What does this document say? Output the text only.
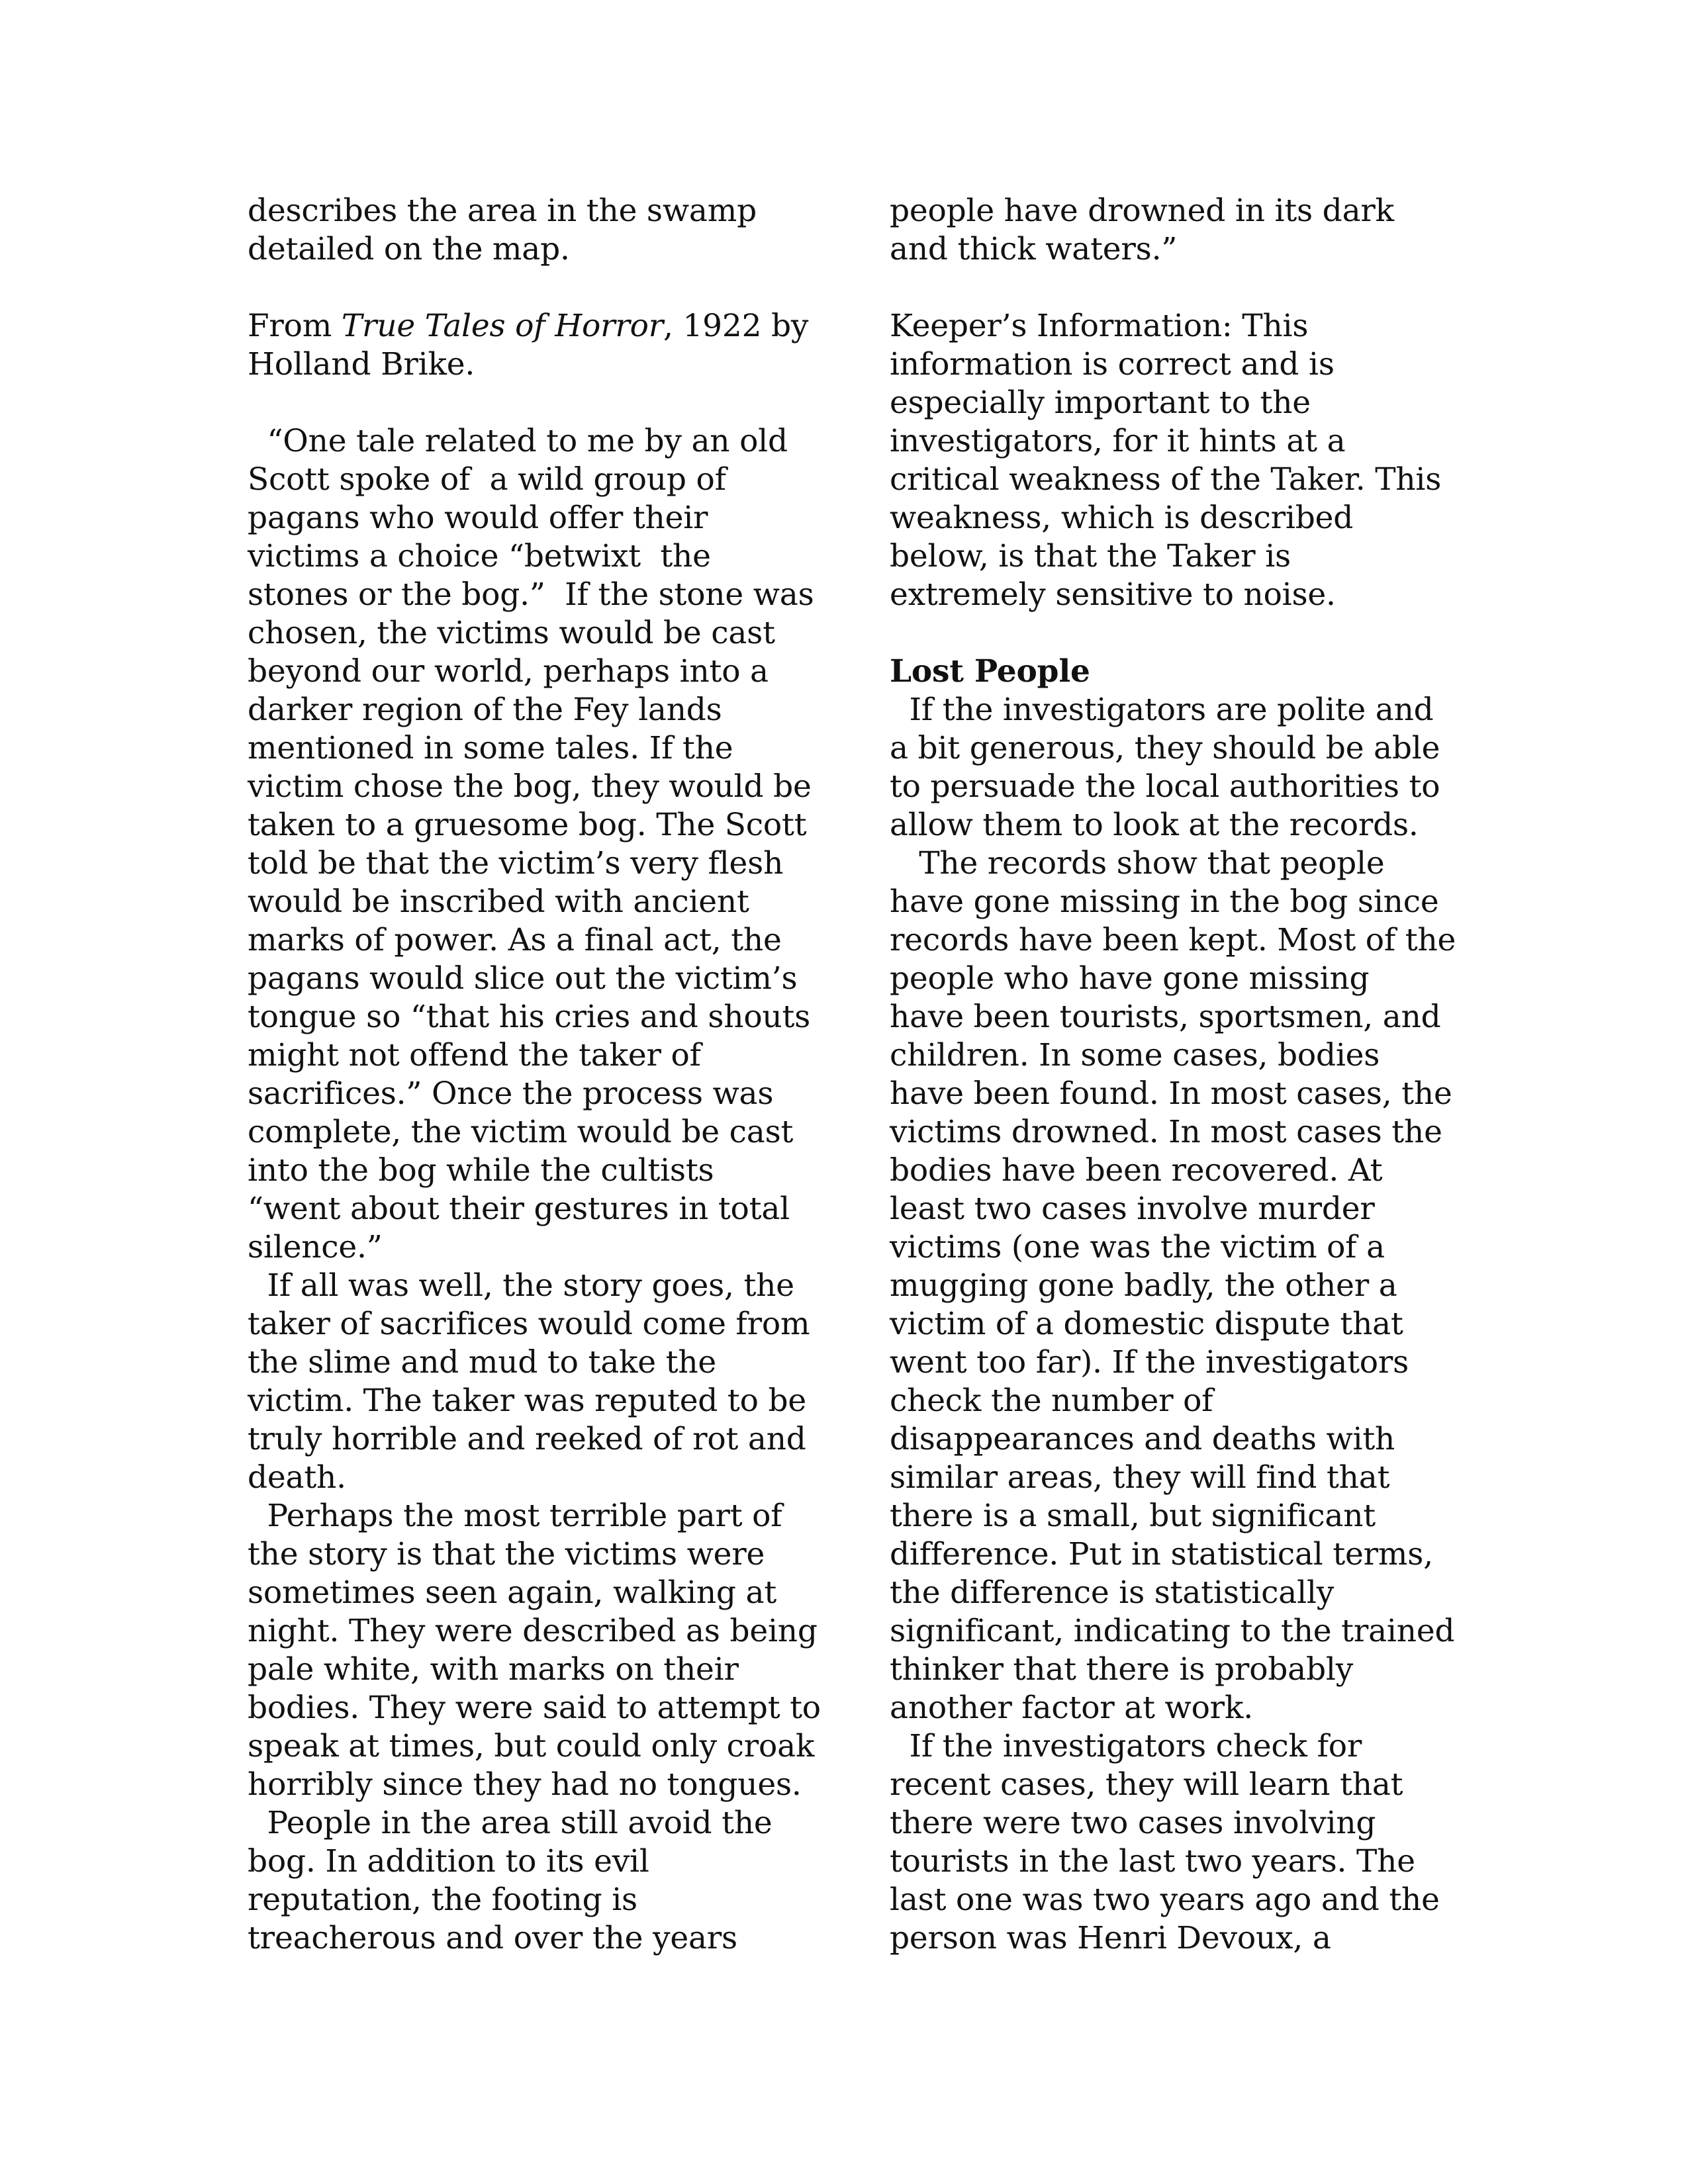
describes the area in the swamp
detailed on the map.
From True Tales of Horror, 1922 by
Holland Brike.
“One tale related to me by an old
Scott spoke of  a wild group of
pagans who would offer their
victims a choice “betwixt  the
stones or the bog.”  If the stone was
chosen, the victims would be cast
beyond our world, perhaps into a
darker region of the Fey lands
mentioned in some tales. If the
victim chose the bog, they would be
taken to a gruesome bog. The Scott
told be that the victim’s very flesh
would be inscribed with ancient
marks of power. As a final act, the
pagans would slice out the victim’s
tongue so “that his cries and shouts
might not offend the taker of
sacrifices.” Once the process was
complete, the victim would be cast
into the bog while the cultists
“went about their gestures in total
silence.”
If all was well, the story goes, the
taker of sacrifices would come from
the slime and mud to take the
victim. The taker was reputed to be
truly horrible and reeked of rot and
death.
Perhaps the most terrible part of
the story is that the victims were
sometimes seen again, walking at
night. They were described as being
pale white, with marks on their
bodies. They were said to attempt to
speak at times, but could only croak
horribly since they had no tongues.
People in the area still avoid the
bog. In addition to its evil
reputation, the footing is
treacherous and over the years
people have drowned in its dark
and thick waters.”
Keeper’s Information: This
information is correct and is
especially important to the
investigators, for it hints at a
critical weakness of the Taker. This
weakness, which is described
below, is that the Taker is
extremely sensitive to noise.
Lost People
If the investigators are polite and
a bit generous, they should be able
to persuade the local authorities to
allow them to look at the records.
The records show that people
have gone missing in the bog since
records have been kept. Most of the
people who have gone missing
have been tourists, sportsmen, and
children. In some cases, bodies
have been found. In most cases, the
victims drowned. In most cases the
bodies have been recovered. At
least two cases involve murder
victims (one was the victim of a
mugging gone badly, the other a
victim of a domestic dispute that
went too far). If the investigators
check the number of
disappearances and deaths with
similar areas, they will find that
there is a small, but significant
difference. Put in statistical terms,
the difference is statistically
significant, indicating to the trained
thinker that there is probably
another factor at work.
If the investigators check for
recent cases, they will learn that
there were two cases involving
tourists in the last two years. The
last one was two years ago and the
person was Henri Devoux, a
